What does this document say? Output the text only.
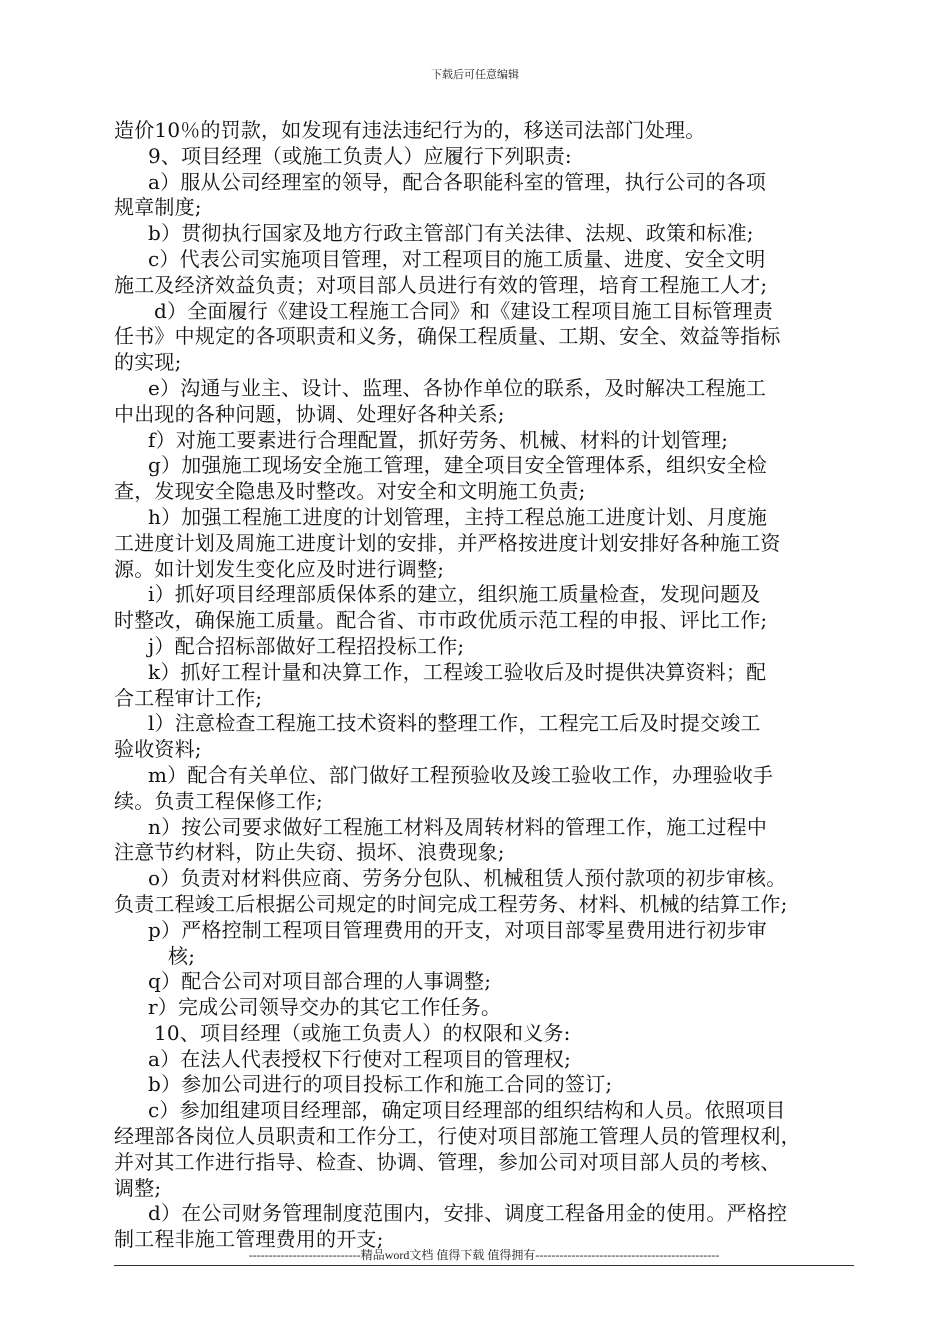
下载后可任意编辑
造价10％的罚款，如发现有违法违纪行为的，移送司法部门处理。
9、项目经理（或施工负责人）应履行下列职责:
a）服从公司经理室的领导，配合各职能科室的管理，执行公司的各项
规章制度;
b）贯彻执行国家及地方行政主管部门有关法律、法规、政策和标准;
c）代表公司实施项目管理，对工程项目的施工质量、进度、安全文明
施工及经济效益负责；对项目部人员进行有效的管理，培育工程施工人才;
d）全面履行《建设工程施工合同》和《建设工程项目施工目标管理责
任书》中规定的各项职责和义务，确保工程质量、工期、安全、效益等指标
的实现;
e）沟通与业主、设计、监理、各协作单位的联系，及时解决工程施工
中出现的各种问题，协调、处理好各种关系;
f）对施工要素进行合理配置，抓好劳务、机械、材料的计划管理;
g）加强施工现场安全施工管理，建全项目安全管理体系，组织安全检
查，发现安全隐患及时整改。对安全和文明施工负责;
h）加强工程施工进度的计划管理，主持工程总施工进度计划、月度施
工进度计划及周施工进度计划的安排，并严格按进度计划安排好各种施工资
源。如计划发生变化应及时进行调整;
i）抓好项目经理部质保体系的建立，组织施工质量检查，发现问题及
时整改，确保施工质量。配合省、市市政优质示范工程的申报、评比工作;
j）配合招标部做好工程招投标工作;
k）抓好工程计量和决算工作，工程竣工验收后及时提供决算资料；配
合工程审计工作;
l）注意检查工程施工技术资料的整理工作，工程完工后及时提交竣工
验收资料;
m）配合有关单位、部门做好工程预验收及竣工验收工作，办理验收手
续。负责工程保修工作;
n）按公司要求做好工程施工材料及周转材料的管理工作，施工过程中
注意节约材料，防止失窃、损坏、浪费现象;
o）负责对材料供应商、劳务分包队、机械租赁人预付款项的初步审核。
负责工程竣工后根据公司规定的时间完成工程劳务、材料、机械的结算工作;
p）严格控制工程项目管理费用的开支，对项目部零星费用进行初步审
核;
q）配合公司对项目部合理的人事调整;
r）完成公司领导交办的其它工作任务。
10、项目经理（或施工负责人）的权限和义务:
a）在法人代表授权下行使对工程项目的管理权;
b）参加公司进行的项目投标工作和施工合同的签订;
c）参加组建项目经理部，确定项目经理部的组织结构和人员。依照项目
经理部各岗位人员职责和工作分工，行使对项目部施工管理人员的管理权利，
并对其工作进行指导、检查、协调、管理，参加公司对项目部人员的考核、
调整;
d）在公司财务管理制度范围内，安排、调度工程备用金的使用。严格控
制工程非施工管理费用的开支;
----------------------------精品word文档 值得下载 值得拥有----------------------------------------------
